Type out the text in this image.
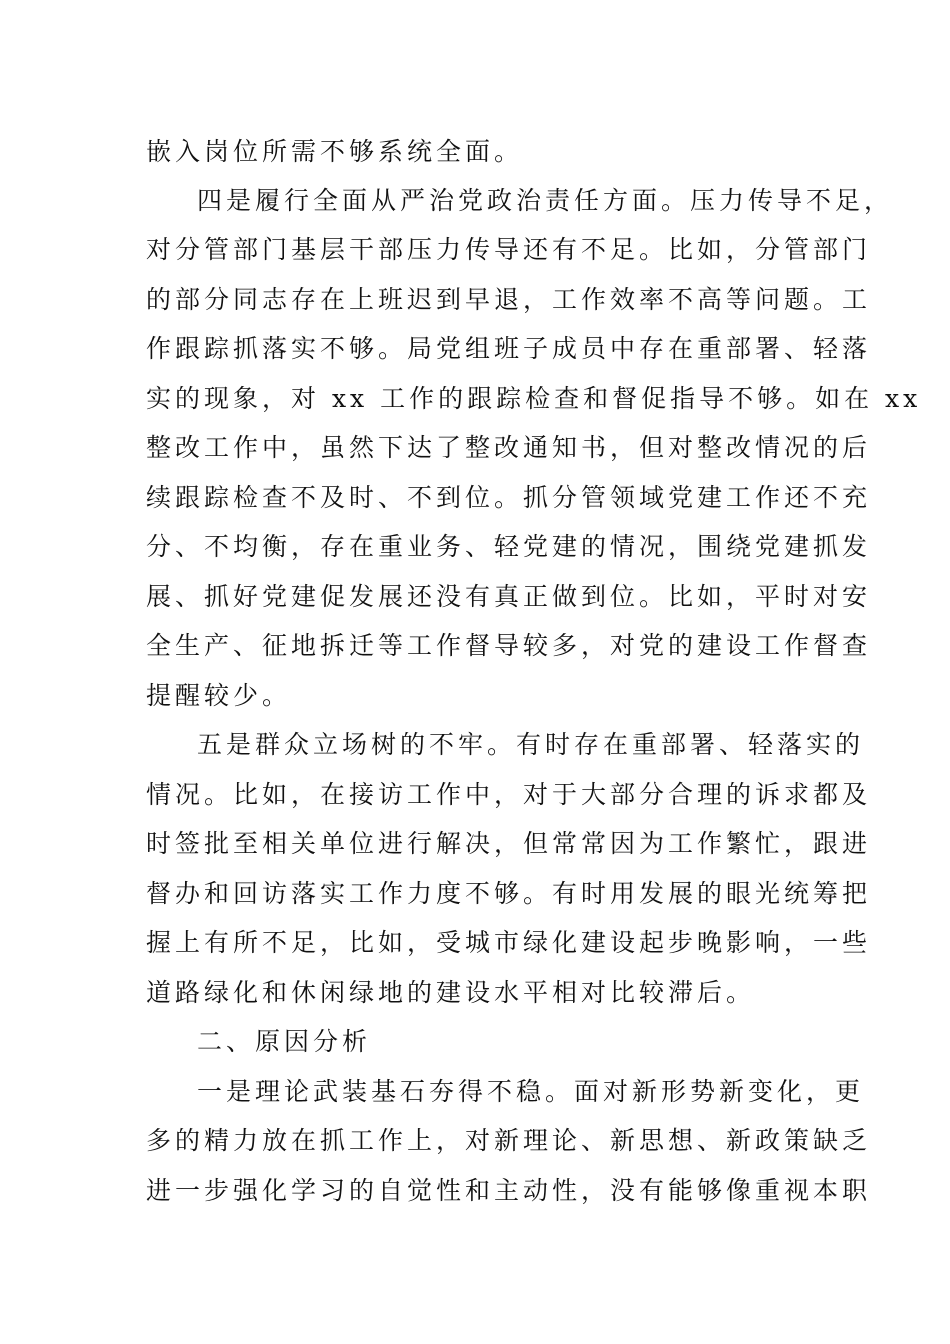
嵌入岗位所需不够系统全面。
四是履行全面从严治党政治责任方面。压力传导不足，
对分管部门基层干部压力传导还有不足。比如，分管部门
的部分同志存在上班迟到早退，工作效率不高等问题。工
作跟踪抓落实不够。局党组班子成员中存在重部署、轻落
实的现象，对 xx 工作的跟踪检查和督促指导不够。如在 xx
整改工作中，虽然下达了整改通知书，但对整改情况的后
续跟踪检查不及时、不到位。抓分管领域党建工作还不充
分、不均衡，存在重业务、轻党建的情况，围绕党建抓发
展、抓好党建促发展还没有真正做到位。比如，平时对安
全生产、征地拆迁等工作督导较多，对党的建设工作督查
提醒较少。
五是群众立场树的不牢。有时存在重部署、轻落实的
情况。比如，在接访工作中，对于大部分合理的诉求都及
时签批至相关单位进行解决，但常常因为工作繁忙，跟进
督办和回访落实工作力度不够。有时用发展的眼光统筹把
握上有所不足，比如，受城市绿化建设起步晚影响，一些
道路绿化和休闲绿地的建设水平相对比较滞后。
二、原因分析
一是理论武装基石夯得不稳。面对新形势新变化，更
多的精力放在抓工作上，对新理论、新思想、新政策缺乏
进一步强化学习的自觉性和主动性，没有能够像重视本职
